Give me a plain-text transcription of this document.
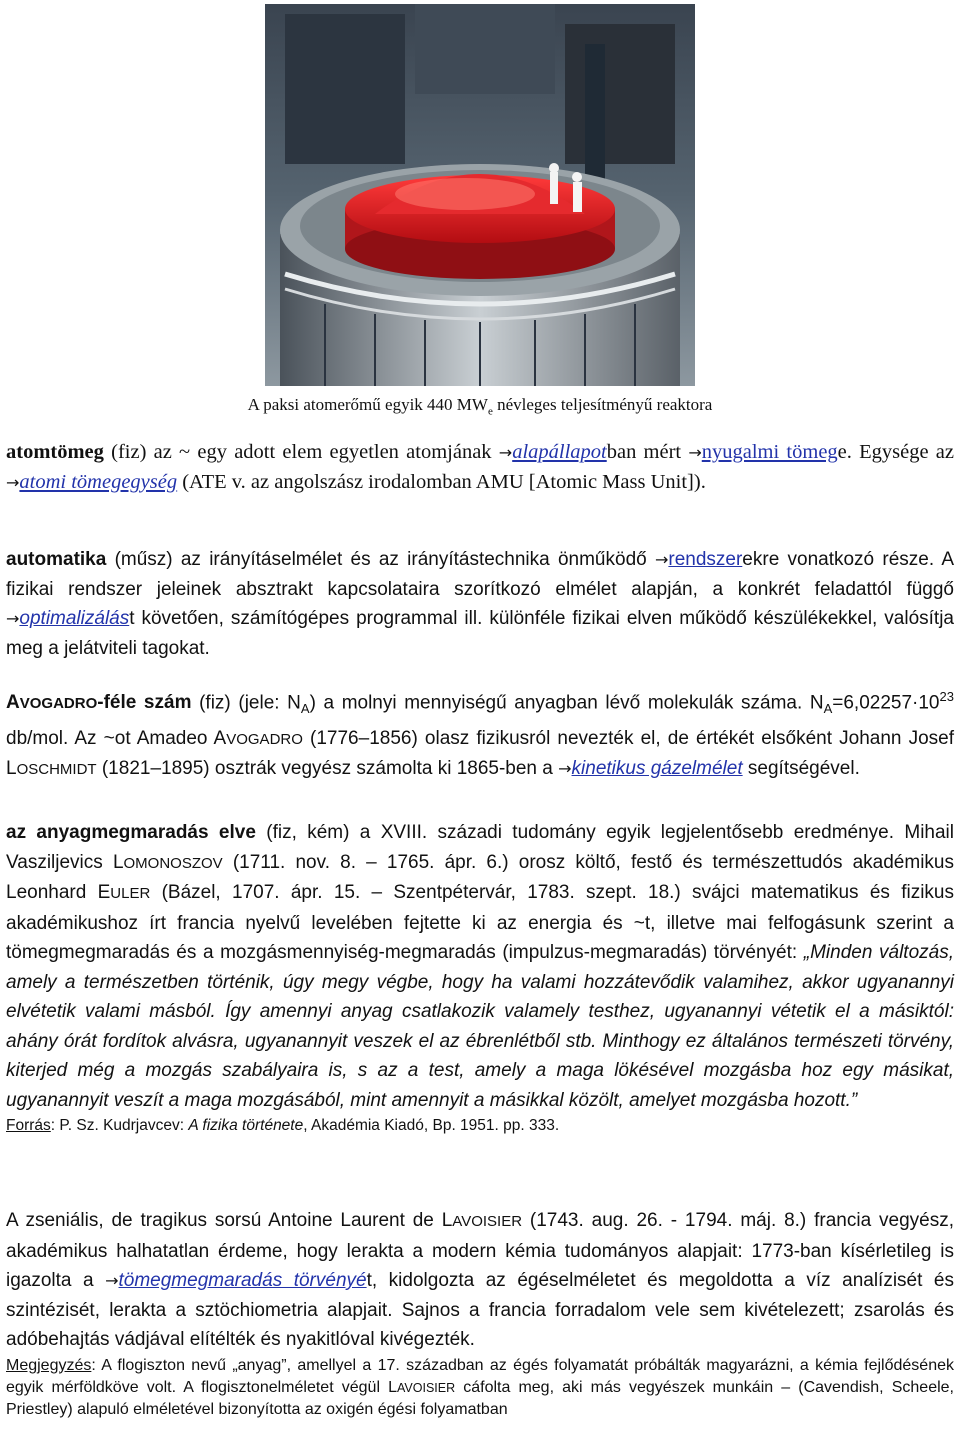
A paksi atomerőmű egyik 440 $MW_e$ névleges teljesítményű reaktora

atomtömeg (fiz) az ~ egy adott elem egyetlen atomjának →alapállapotban mért →nyugalmi tömege. Egysége az →atomi tömegegység (ATE v. az angolszász irodalomban AMU [Atomic Mass Unit]).

automatika (műsz) az irányításelmélet és az irányítástechnika önműködő →rendszerekre vonatkozó része. A fizikai rendszer jeleinek absztrakt kapcsolataira szorítkozó elmélet alapján, a konkrét feladattól függő →optimalizálást követően, számítógépes programmal ill. különféle fizikai elven működő készülékekkel, valósítja meg a jelátviteli tagokat.

AVOGADRO-féle szám (fiz) (jele: $N_A$) a molnyi mennyiségű anyagban lévő molekulák száma. $N_A=6,02257\cdot 10^{23}$ db/mol. Az ~ot Amadeo AVOGADRO (1776–1856) olasz fizikusról nevezték el, de értékét elsőként Johann Josef LOSCHMIDT (1821–1895) osztrák vegyész számolta ki 1865-ben a →kinetikus gázelmélet segítségével.

az anyagmegmaradás elve (fiz, kém) a XVIII. századi tudomány egyik legjelentősebb eredménye. Mihail Vasziljevics LOMONOSZOV (1711. nov. 8. – 1765. ápr. 6.) orosz költő, festő és természettudós akadémikus Leonhard EULER (Bázel, 1707. ápr. 15. – Szentpétervár, 1783. szept. 18.) svájci matematikus és fizikus akadémikushoz írt francia nyelvű levelében fejtette ki az energia és ~t, illetve mai felfogásunk szerint a tömegmegmaradás és a mozgásmennyiség-megmaradás (impulzus-megmaradás) törvényét: „Minden változás, amely a természetben történik, úgy megy végbe, hogy ha valami hozzátevődik valamihez, akkor ugyanannyi elvétetik valami másból. Így amennyi anyag csatlakozik valamely testhez, ugyanannyi vétetik el a másiktól: ahány órát fordítok alvásra, ugyanannyit veszek el az ébrenlétből stb. Minthogy ez általános természeti törvény, kiterjed még a mozgás szabályaira is, s az a test, amely a maga lökésével mozgásba hoz egy másikat, ugyanannyit veszít a maga mozgásából, mint amennyit a másikkal közölt, amelyet mozgásba hozott.”

Forrás: P. Sz. Kudrjavcev: A fizika története, Akadémia Kiadó, Bp. 1951. pp. 333.

A zseniális, de tragikus sorsú Antoine Laurent de LAVOISIER (1743. aug. 26. - 1794. máj. 8.) francia vegyész, akadémikus halhatatlan érdeme, hogy lerakta a modern kémia tudományos alapjait: 1773-ban kísérletileg is igazolta a →tömegmegmaradás törvényét, kidolgozta az égéselméletet és megoldotta a víz analízisét és szintézisét, lerakta a sztöchiometria alapjait. Sajnos a francia forradalom vele sem kivételezett; zsarolás és adóbehajtás vádjával elítélték és nyakitlóval kivégezték.

Megjegyzés: A flogiszton nevű „anyag”, amellyel a 17. században az égés folyamatát próbálták magyarázni, a kémia fejlődésének egyik mérföldköve volt. A flogisztonelméletet végül LAVOISIER cáfolta meg, aki más vegyészek munkáin – (Cavendish, Scheele, Priestley) alapuló elméletével bizonyította az oxigén égési folyamatban
